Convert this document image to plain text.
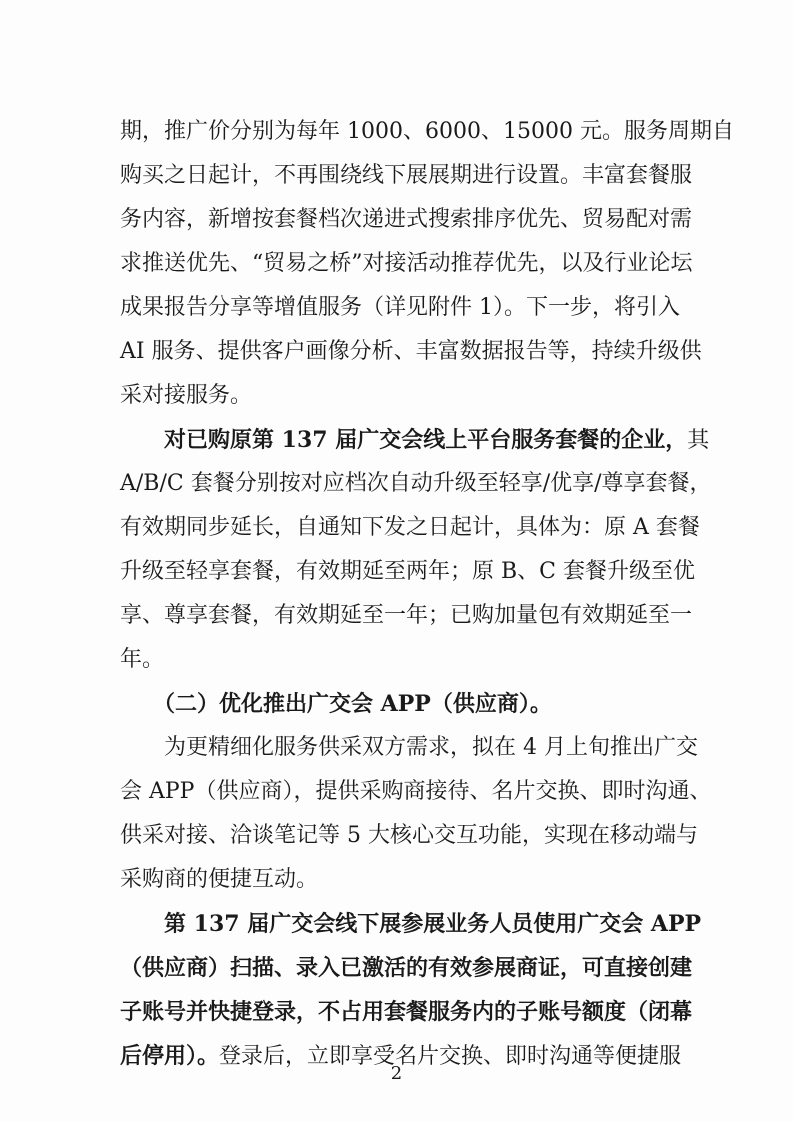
期，推广价分别为每年 1000、6000、15000 元。服务周期自
购买之日起计，不再围绕线下展展期进行设置。丰富套餐服
务内容，新增按套餐档次递进式搜索排序优先、贸易配对需
求推送优先、“贸易之桥”对接活动推荐优先，以及行业论坛
成果报告分享等增值服务（详见附件 1）。下一步，将引入
AI 服务、提供客户画像分析、丰富数据报告等，持续升级供
采对接服务。
　　对已购原第 137 届广交会线上平台服务套餐的企业，其
A/B/C 套餐分别按对应档次自动升级至轻享/优享/尊享套餐，
有效期同步延长，自通知下发之日起计，具体为：原 A 套餐
升级至轻享套餐，有效期延至两年；原 B、C 套餐升级至优
享、尊享套餐，有效期延至一年；已购加量包有效期延至一
年。
　　（二）优化推出广交会 APP（供应商）。
　　为更精细化服务供采双方需求，拟在 4 月上旬推出广交
会 APP（供应商），提供采购商接待、名片交换、即时沟通、
供采对接、洽谈笔记等 5 大核心交互功能，实现在移动端与
采购商的便捷互动。
　　第 137 届广交会线下展参展业务人员使用广交会 APP
（供应商）扫描、录入已激活的有效参展商证，可直接创建
2
子账号并快捷登录，不占用套餐服务内的子账号额度（闭幕
后停用）。登录后，立即享受名片交换、即时沟通等便捷服
